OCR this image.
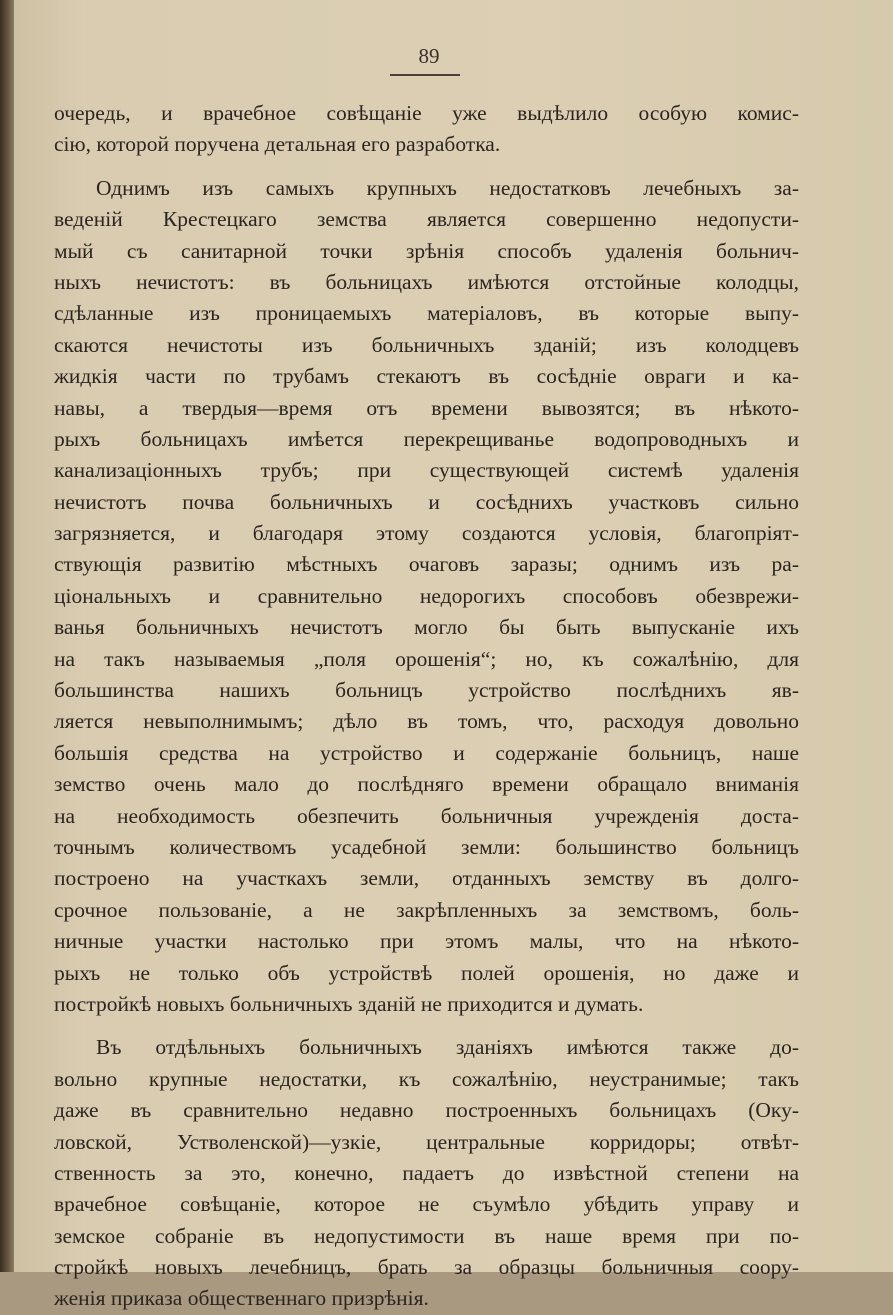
89
очередь, и врачебное совѣщаніе уже выдѣлило особую комис-
сію, которой поручена детальная его разработка.
Однимъ изъ самыхъ крупныхъ недостатковъ лечебныхъ за-
веденій Крестецкаго земства является совершенно недопусти-
мый съ санитарной точки зрѣнія способъ удаленія больнич-
ныхъ нечистотъ: въ больницахъ имѣются отстойные колодцы,
сдѣланные изъ проницаемыхъ матеріаловъ, въ которые выпу-
скаются нечистоты изъ больничныхъ зданій; изъ колодцевъ
жидкія части по трубамъ стекаютъ въ сосѣдніе овраги и ка-
навы, а твердыя—время отъ времени вывозятся; въ нѣкото-
рыхъ больницахъ имѣется перекрещиванье водопроводныхъ и
канализаціонныхъ трубъ; при существующей системѣ удаленія
нечистотъ почва больничныхъ и сосѣднихъ участковъ сильно
загрязняется, и благодаря этому создаются условія, благопріят-
ствующія развитію мѣстныхъ очаговъ заразы; однимъ изъ ра-
ціональныхъ и сравнительно недорогихъ способовъ обезврежи-
ванья больничныхъ нечистотъ могло бы быть выпусканіе ихъ
на такъ называемыя „поля орошенія“; но, къ сожалѣнію, для
большинства нашихъ больницъ устройство послѣднихъ яв-
ляется невыполнимымъ; дѣло въ томъ, что, расходуя довольно
большія средства на устройство и содержаніе больницъ, наше
земство очень мало до послѣдняго времени обращало вниманія
на необходимость обезпечить больничныя учрежденія доста-
точнымъ количествомъ усадебной земли: большинство больницъ
построено на участкахъ земли, отданныхъ земству въ долго-
срочное пользованіе, а не закрѣпленныхъ за земствомъ, боль-
ничные участки настолько при этомъ малы, что на нѣкото-
рыхъ не только объ устройствѣ полей орошенія, но даже и
постройкѣ новыхъ больничныхъ зданій не приходится и думать.
Въ отдѣльныхъ больничныхъ зданіяхъ имѣются также до-
вольно крупные недостатки, къ сожалѣнію, неустранимые; такъ
даже въ сравнительно недавно построенныхъ больницахъ (Оку-
ловской, Устволенской)—узкіе, центральные корридоры; отвѣт-
ственность за это, конечно, падаетъ до извѣстной степени на
врачебное совѣщаніе, которое не съумѣло убѣдить управу и
земское собраніе въ недопустимости въ наше время при по-
стройкѣ новыхъ лечебницъ, брать за образцы больничныя соору-
женія приказа общественнаго призрѣнія.
